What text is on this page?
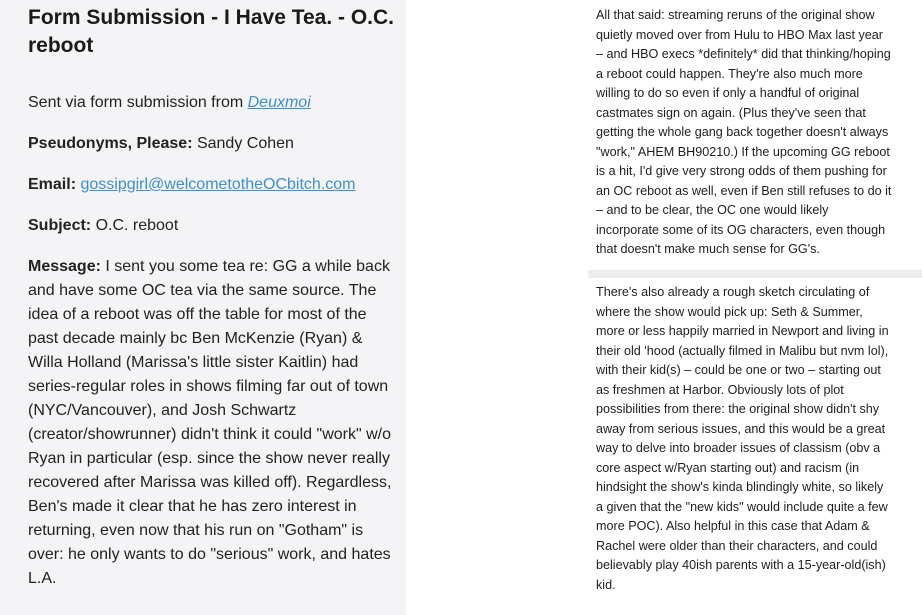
Form Submission - I Have Tea. - O.C. reboot
Sent via form submission from Deuxmoi
Pseudonyms, Please: Sandy Cohen
Email: gossipgirl@welcometotheOCbitch.com
Subject: O.C. reboot
Message: I sent you some tea re: GG a while back and have some OC tea via the same source. The idea of a reboot was off the table for most of the past decade mainly bc Ben McKenzie (Ryan) & Willa Holland (Marissa's little sister Kaitlin) had series-regular roles in shows filming far out of town (NYC/Vancouver), and Josh Schwartz (creator/showrunner) didn't think it could "work" w/o Ryan in particular (esp. since the show never really recovered after Marissa was killed off). Regardless, Ben's made it clear that he has zero interest in returning, even now that his run on "Gotham" is over: he only wants to do "serious" work, and hates L.A.
All that said: streaming reruns of the original show quietly moved over from Hulu to HBO Max last year – and HBO execs *definitely* did that thinking/hoping a reboot could happen. They're also much more willing to do so even if only a handful of original castmates sign on again. (Plus they've seen that getting the whole gang back together doesn't always "work," AHEM BH90210.) If the upcoming GG reboot is a hit, I'd give very strong odds of them pushing for an OC reboot as well, even if Ben still refuses to do it – and to be clear, the OC one would likely incorporate some of its OG characters, even though that doesn't make much sense for GG's.
There's also already a rough sketch circulating of where the show would pick up: Seth & Summer, more or less happily married in Newport and living in their old 'hood (actually filmed in Malibu but nvm lol), with their kid(s) – could be one or two – starting out as freshmen at Harbor. Obviously lots of plot possibilities from there: the original show didn't shy away from serious issues, and this would be a great way to delve into broader issues of classism (obv a core aspect w/Ryan starting out) and racism (in hindsight the show's kinda blindingly white, so likely a given that the "new kids" would include quite a few more POC). Also helpful in this case that Adam & Rachel were older than their characters, and could believably play 40ish parents with a 15-year-old(ish) kid.
